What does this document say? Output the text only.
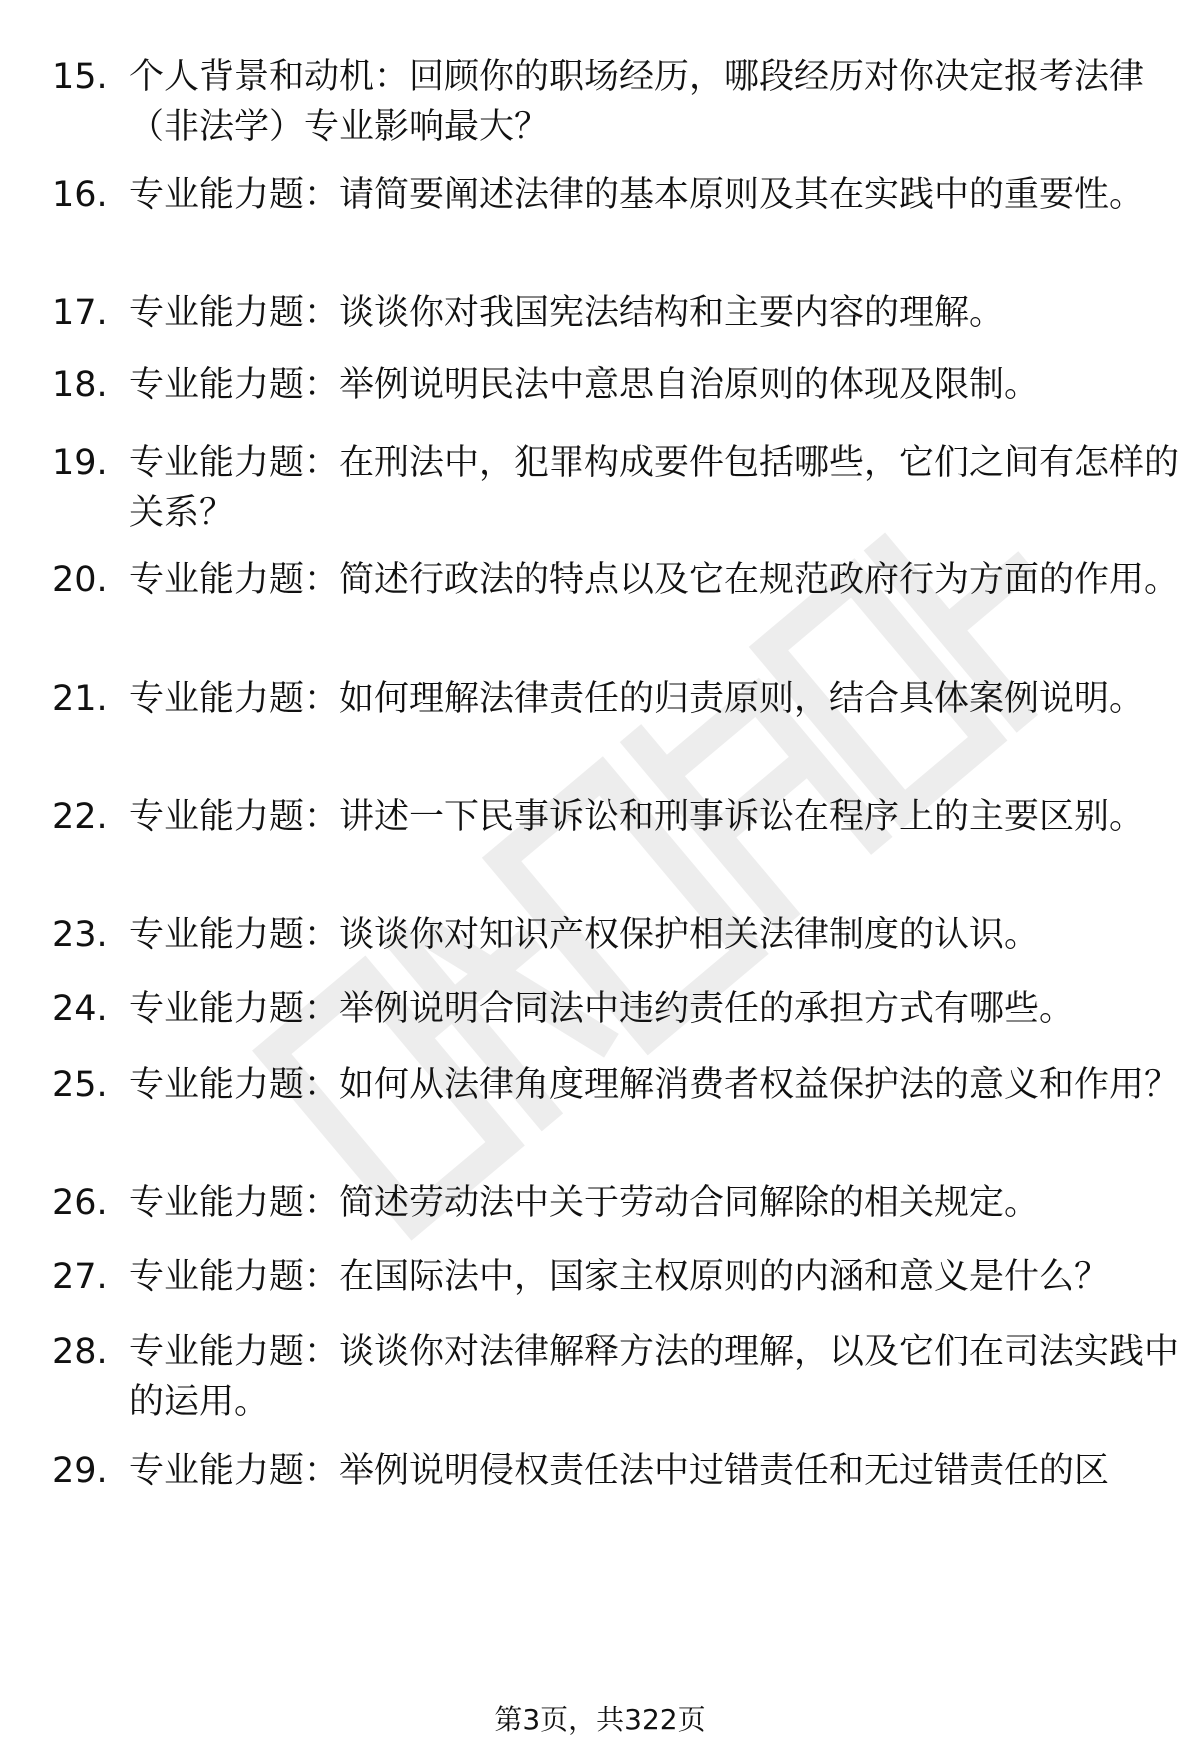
15. 个人背景和动机：回顾你的职场经历，哪段经历对你决定报考法律（非法学）专业影响最大？
16. 专业能力题：请简要阐述法律的基本原则及其在实践中的重要性。
17. 专业能力题：谈谈你对我国宪法结构和主要内容的理解。
18. 专业能力题：举例说明民法中意思自治原则的体现及限制。
19. 专业能力题：在刑法中，犯罪构成要件包括哪些，它们之间有怎样的关系？
20. 专业能力题：简述行政法的特点以及它在规范政府行为方面的作用。
21. 专业能力题：如何理解法律责任的归责原则，结合具体案例说明。
22. 专业能力题：讲述一下民事诉讼和刑事诉讼在程序上的主要区别。
23. 专业能力题：谈谈你对知识产权保护相关法律制度的认识。
24. 专业能力题：举例说明合同法中违约责任的承担方式有哪些。
25. 专业能力题：如何从法律角度理解消费者权益保护法的意义和作用？
26. 专业能力题：简述劳动法中关于劳动合同解除的相关规定。
27. 专业能力题：在国际法中，国家主权原则的内涵和意义是什么？
28. 专业能力题：谈谈你对法律解释方法的理解，以及它们在司法实践中的运用。
29. 专业能力题：举例说明侵权责任法中过错责任和无过错责任的区
第3页，共322页
